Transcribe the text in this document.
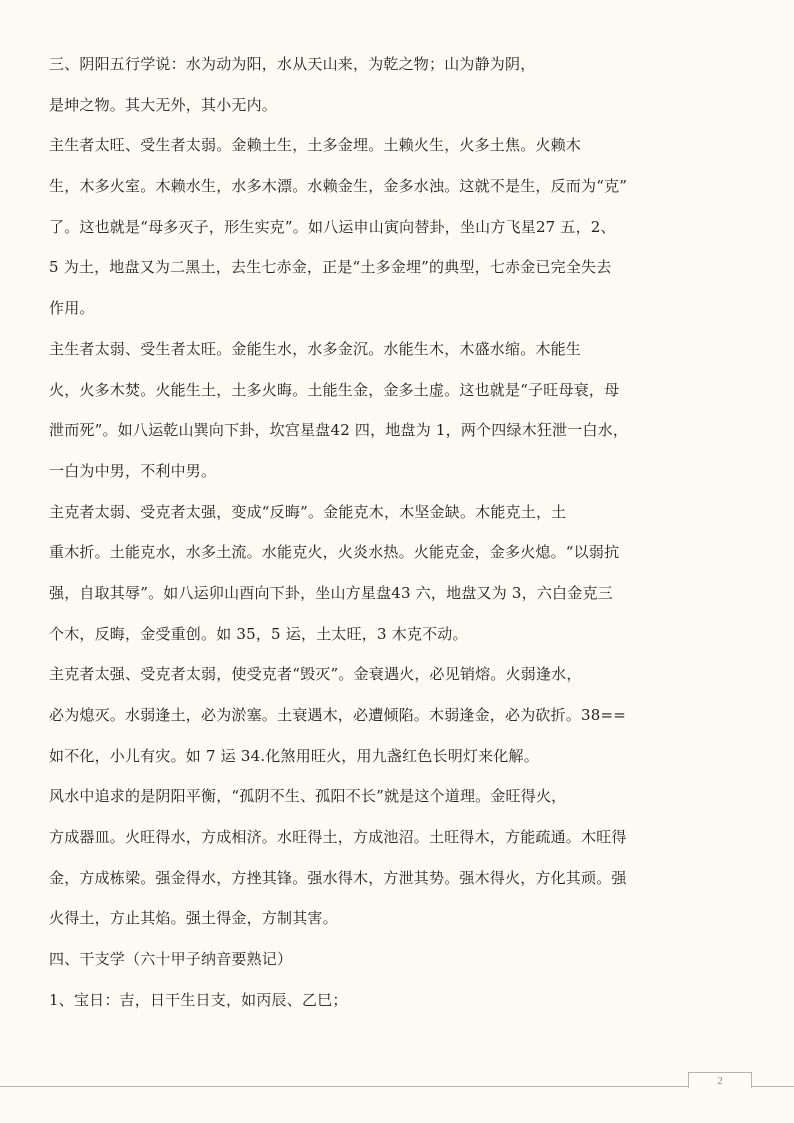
三、阴阳五行学说：水为动为阳，水从天山来，为乾之物；山为静为阴，
是坤之物。其大无外，其小无内。
主生者太旺、受生者太弱。金赖土生，土多金埋。土赖火生，火多土焦。火赖木
生，木多火室。木赖水生，水多木漂。水赖金生，金多水浊。这就不是生，反而为“克”
了。这也就是“母多灭子，形生实克”。如八运申山寅向替卦，坐山方飞星27 五，2、
5 为土，地盘又为二黑土，去生七赤金，正是“土多金埋”的典型，七赤金已完全失去
作用。
主生者太弱、受生者太旺。金能生水，水多金沉。水能生木，木盛水缩。木能生
火，火多木焚。火能生土，土多火晦。土能生金，金多土虚。这也就是“子旺母衰，母
泄而死”。如八运乾山巽向下卦，坎宫星盘42 四，地盘为 1，两个四绿木狂泄一白水，
一白为中男，不利中男。
主克者太弱、受克者太强，变成“反晦”。金能克木，木坚金缺。木能克土，土
重木折。土能克水，水多土流。水能克火，火炎水热。火能克金，金多火熄。“以弱抗
强，自取其辱”。如八运卯山酉向下卦，坐山方星盘43 六，地盘又为 3，六白金克三
个木，反晦，金受重创。如 35，5 运，土太旺，3 木克不动。
主克者太强、受克者太弱，使受克者“毁灭”。金衰遇火，必见销熔。火弱逢水，
必为熄灭。水弱逢土，必为淤塞。土衰遇木，必遭倾陷。木弱逢金，必为砍折。38==
如不化，小儿有灾。如 7 运 34.化煞用旺火，用九盏红色长明灯来化解。
风水中追求的是阴阳平衡，“孤阴不生、孤阳不长”就是这个道理。金旺得火，
方成器皿。火旺得水，方成相济。水旺得土，方成池沼。土旺得木，方能疏通。木旺得
金，方成栋梁。强金得水，方挫其锋。强水得木，方泄其势。强木得火，方化其顽。强
火得土，方止其焰。强土得金，方制其害。
四、干支学（六十甲子纳音要熟记）
1、宝日：吉，日干生日支，如丙辰、乙巳；
2
